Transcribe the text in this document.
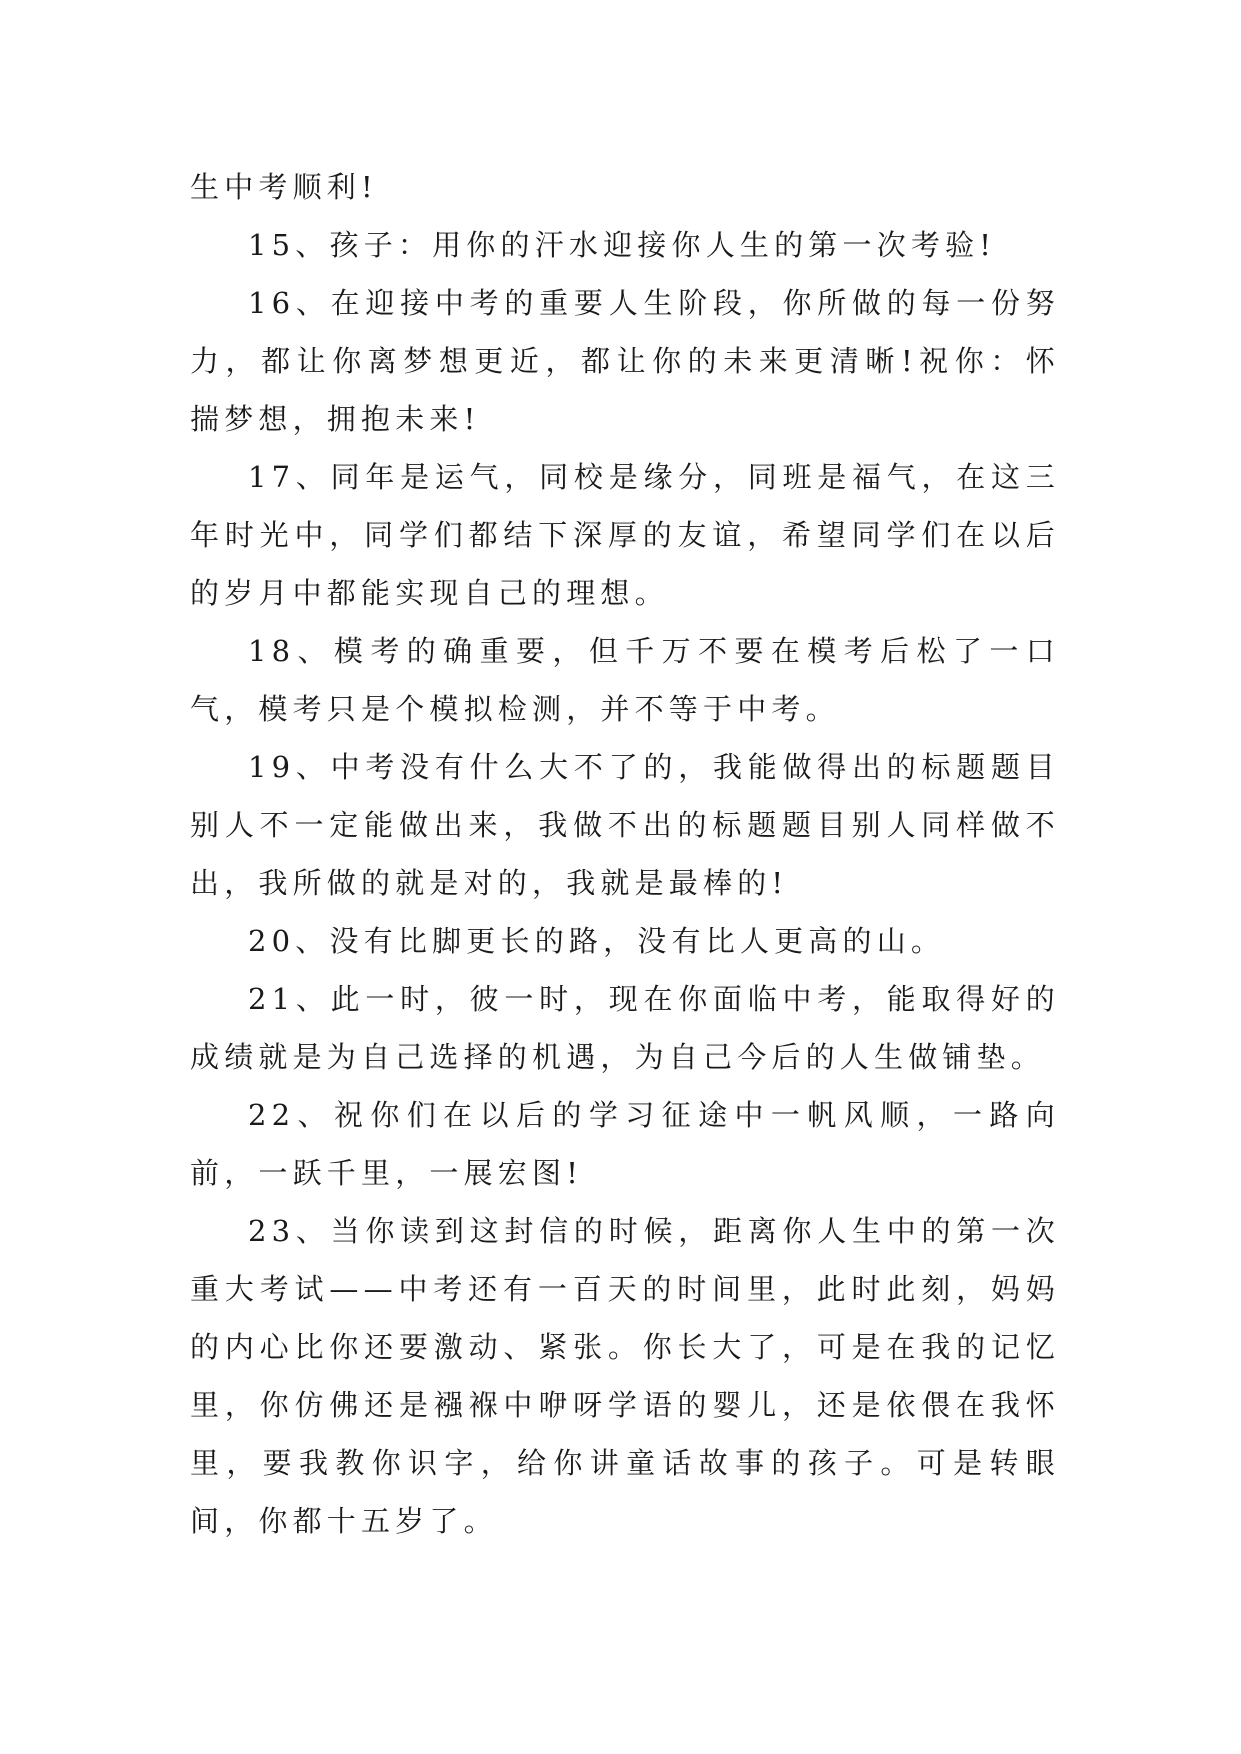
生中考顺利!

15、孩子：用你的汗水迎接你人生的第一次考验!

16、在迎接中考的重要人生阶段，你所做的每一份努力，都让你离梦想更近，都让你的未来更清晰!祝你：怀揣梦想，拥抱未来!

17、同年是运气，同校是缘分，同班是福气，在这三年时光中，同学们都结下深厚的友谊，希望同学们在以后的岁月中都能实现自己的理想。

18、模考的确重要，但千万不要在模考后松了一口气，模考只是个模拟检测，并不等于中考。

19、中考没有什么大不了的，我能做得出的标题题目别人不一定能做出来，我做不出的标题题目别人同样做不出，我所做的就是对的，我就是最棒的!

20、没有比脚更长的路，没有比人更高的山。

21、此一时，彼一时，现在你面临中考，能取得好的成绩就是为自己选择的机遇，为自己今后的人生做铺垫。

22、祝你们在以后的学习征途中一帆风顺，一路向前，一跃千里，一展宏图!

23、当你读到这封信的时候，距离你人生中的第一次重大考试——中考还有一百天的时间里，此时此刻，妈妈的内心比你还要激动、紧张。你长大了，可是在我的记忆里，你仿佛还是襁褓中咿呀学语的婴儿，还是依偎在我怀里，要我教你识字，给你讲童话故事的孩子。可是转眼间，你都十五岁了。
